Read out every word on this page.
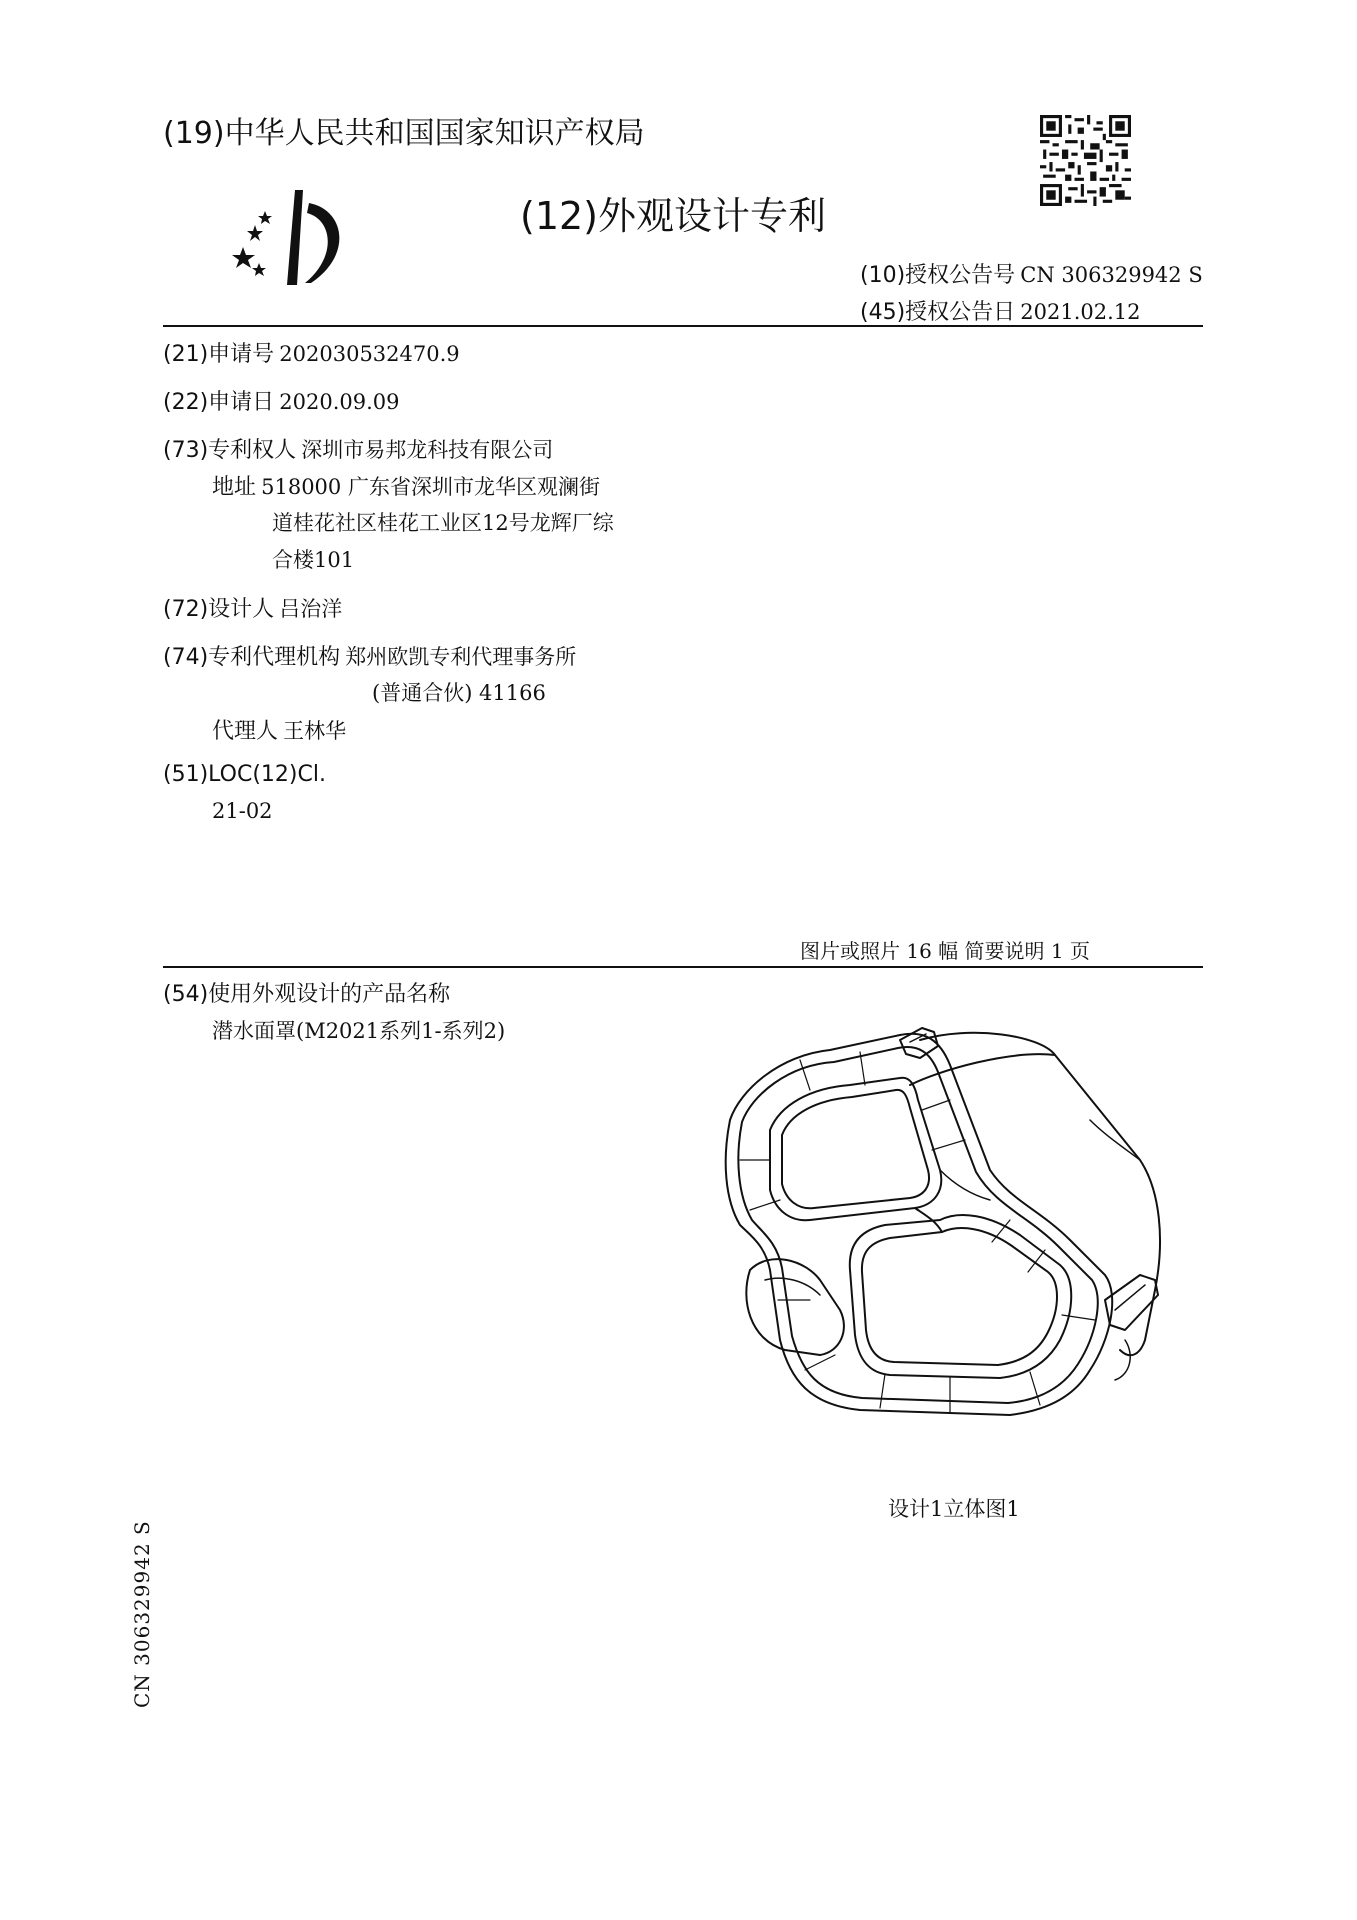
(19)中华人民共和国国家知识产权局
(12)外观设计专利
(10)授权公告号 CN 306329942 S
(45)授权公告日 2021.02.12
(21)申请号 202030532470.9
(22)申请日 2020.09.09
(73)专利权人 深圳市易邦龙科技有限公司
地址 518000 广东省深圳市龙华区观澜街
道桂花社区桂花工业区12号龙辉厂综
合楼101
(72)设计人 吕治洋
(74)专利代理机构 郑州欧凯专利代理事务所
(普通合伙) 41166
代理人 王林华
(51)LOC(12)Cl.
21-02
图片或照片 16 幅 简要说明 1 页
(54)使用外观设计的产品名称
潜水面罩(M2021系列1-系列2)
设计1立体图1
CN 306329942 S
